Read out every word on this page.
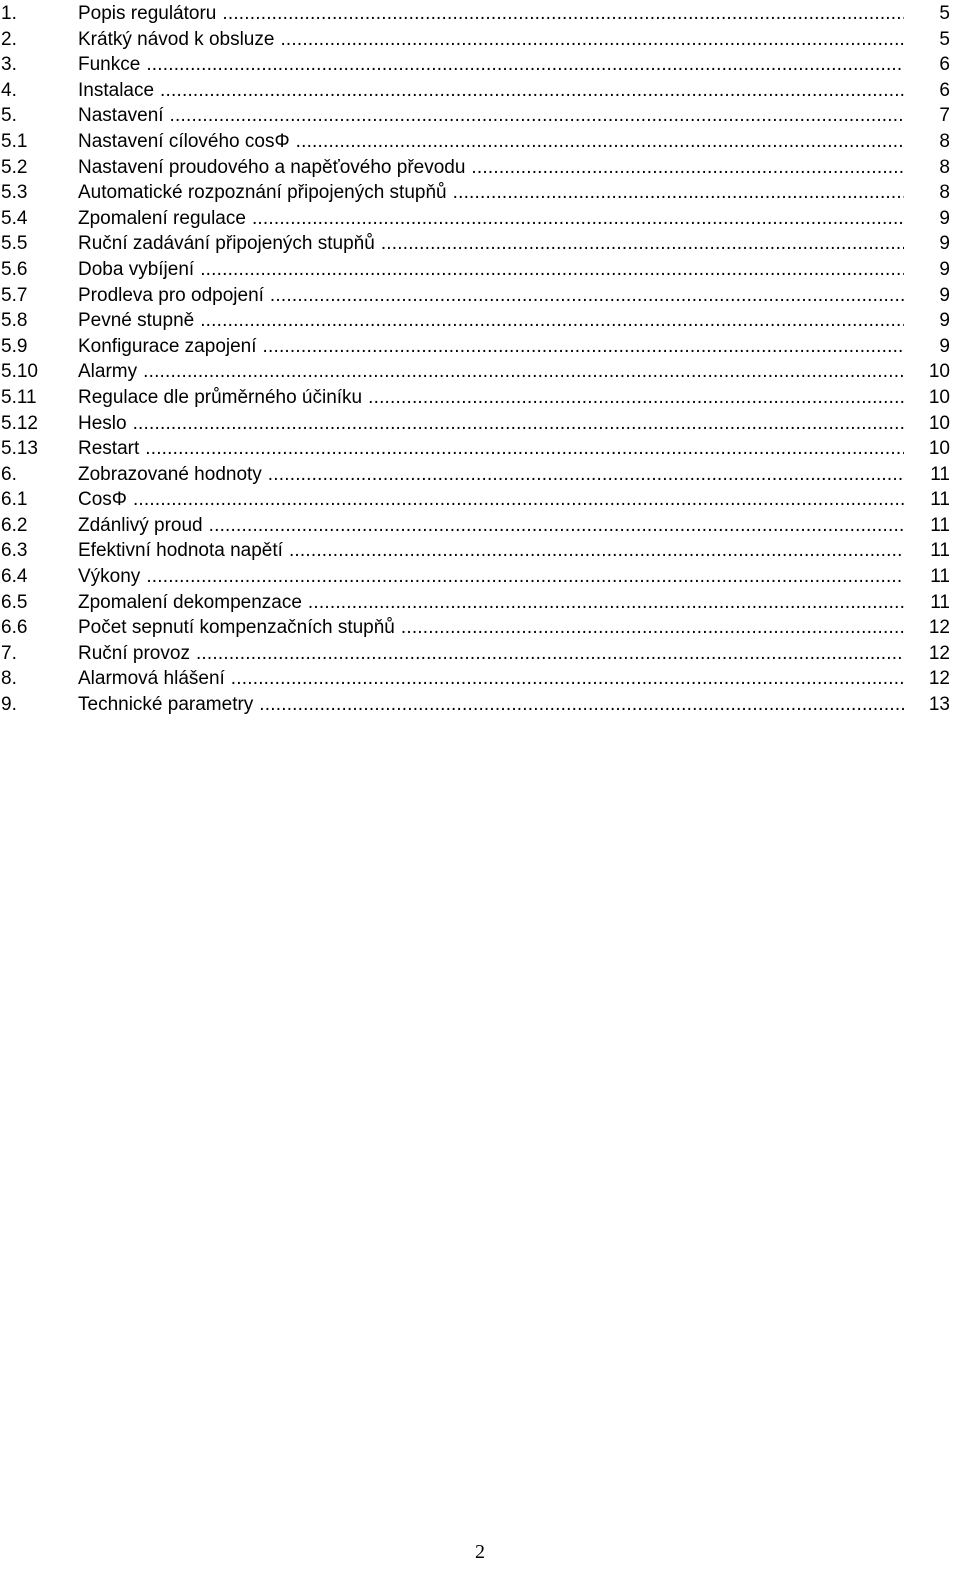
1.	Popis regulátoru .....	5
2.	Krátký návod k obsluze .....	5
3.	Funkce .....	6
4.	Instalace .....	6
5.	Nastavení .....	7
5.1	Nastavení cílového cosΦ .....	8
5.2	Nastavení proudového a napěťového převodu .....	8
5.3	Automatické rozpoznání připojených stupňů .....	8
5.4	Zpomalení regulace .....	9
5.5	Ruční zadávání připojených stupňů .....	9
5.6	Doba vybíjení .....	9
5.7	Prodleva pro odpojení .....	9
5.8	Pevné stupně .....	9
5.9	Konfigurace zapojení .....	9
5.10 Alarmy .....	10
5.11 Regulace dle průměrného účiníku .....	10
5.12 Heslo .....	10
5.13 Restart .....	10
6.	Zobrazované hodnoty .....	11
6.1	CosΦ .....	11
6.2	Zdánlivý proud .....	11
6.3	Efektivní hodnota napětí .....	11
6.4	Výkony .....	11
6.5	Zpomalení dekompenzace .....	11
6.6	Počet sepnutí kompenzačních stupňů .....	12
7.	Ruční provoz .....	12
8.	Alarmová hlášení .....	12
9.	Technické parametry .....	13
2
